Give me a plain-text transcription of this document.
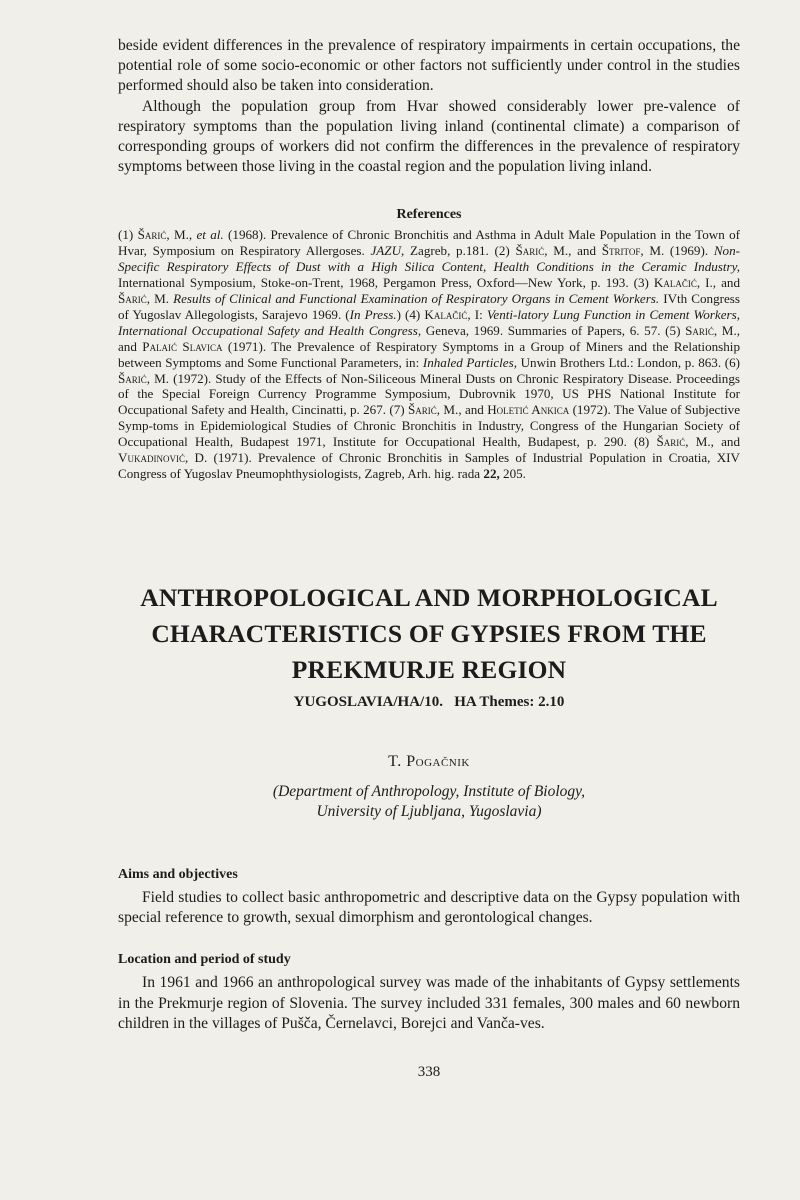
beside evident differences in the prevalence of respiratory impairments in certain occupations, the potential role of some socio-economic or other factors not sufficiently under control in the studies performed should also be taken into consideration.

Although the population group from Hvar showed considerably lower pre-valence of respiratory symptoms than the population living inland (continental climate) a comparison of corresponding groups of workers did not confirm the differences in the prevalence of respiratory symptoms between those living in the coastal region and the population living inland.

References

(1) Šarić, M., et al. (1968). Prevalence of Chronic Bronchitis and Asthma in Adult Male Population in the Town of Hvar, Symposium on Respiratory Allergoses. JAZU, Zagreb, p.181. (2) Šarić, M., and Štritof, M. (1969). Non-Specific Respiratory Effects of Dust with a High Silica Content, Health Conditions in the Ceramic Industry, International Symposium, Stoke-on-Trent, 1968, Pergamon Press, Oxford—New York, p. 193. (3) Kalačić, I., and Šarić, M. Results of Clinical and Functional Examination of Respiratory Organs in Cement Workers. IVth Congress of Yugoslav Allegologists, Sarajevo 1969. (In Press.) (4) Kalačić, I: Venti-latory Lung Function in Cement Workers, International Occupational Safety and Health Congress, Geneva, 1969. Summaries of Papers, 6. 57. (5) Sarić, M., and Palaić Slavica (1971). The Prevalence of Respiratory Symptoms in a Group of Miners and the Relationship between Symptoms and Some Functional Parameters, in: Inhaled Particles, Unwin Brothers Ltd.: London, p. 863. (6) Šarić, M. (1972). Study of the Effects of Non-Siliceous Mineral Dusts on Chronic Respiratory Disease. Proceedings of the Special Foreign Currency Programme Symposium, Dubrovnik 1970, US PHS National Institute for Occupational Safety and Health, Cincinatti, p. 267. (7) Šarić, M., and Holetić Ankica (1972). The Value of Subjective Symp-toms in Epidemiological Studies of Chronic Bronchitis in Industry, Congress of the Hungarian Society of Occupational Health, Budapest 1971, Institute for Occupational Health, Budapest, p. 290. (8) Šarić, M., and Vukadinović, D. (1971). Prevalence of Chronic Bronchitis in Samples of Industrial Population in Croatia, XIV Congress of Yugoslav Pneumophthysiologists, Zagreb, Arh. hig. rada 22, 205.

ANTHROPOLOGICAL AND MORPHOLOGICAL
CHARACTERISTICS OF GYPSIES FROM THE
PREKMURJE REGION
YUGOSLAVIA/HA/10.   HA Themes: 2.10
T. Pogačnik
(Department of Anthropology, Institute of Biology,
University of Ljubljana, Yugoslavia)
Aims and objectives

Field studies to collect basic anthropometric and descriptive data on the Gypsy population with special reference to growth, sexual dimorphism and gerontological changes.

Location and period of study

In 1961 and 1966 an anthropological survey was made of the inhabitants of Gypsy settlements in the Prekmurje region of Slovenia. The survey included 331 females, 300 males and 60 newborn children in the villages of Pušča, Černelavci, Borejci and Vanča-ves.

338
